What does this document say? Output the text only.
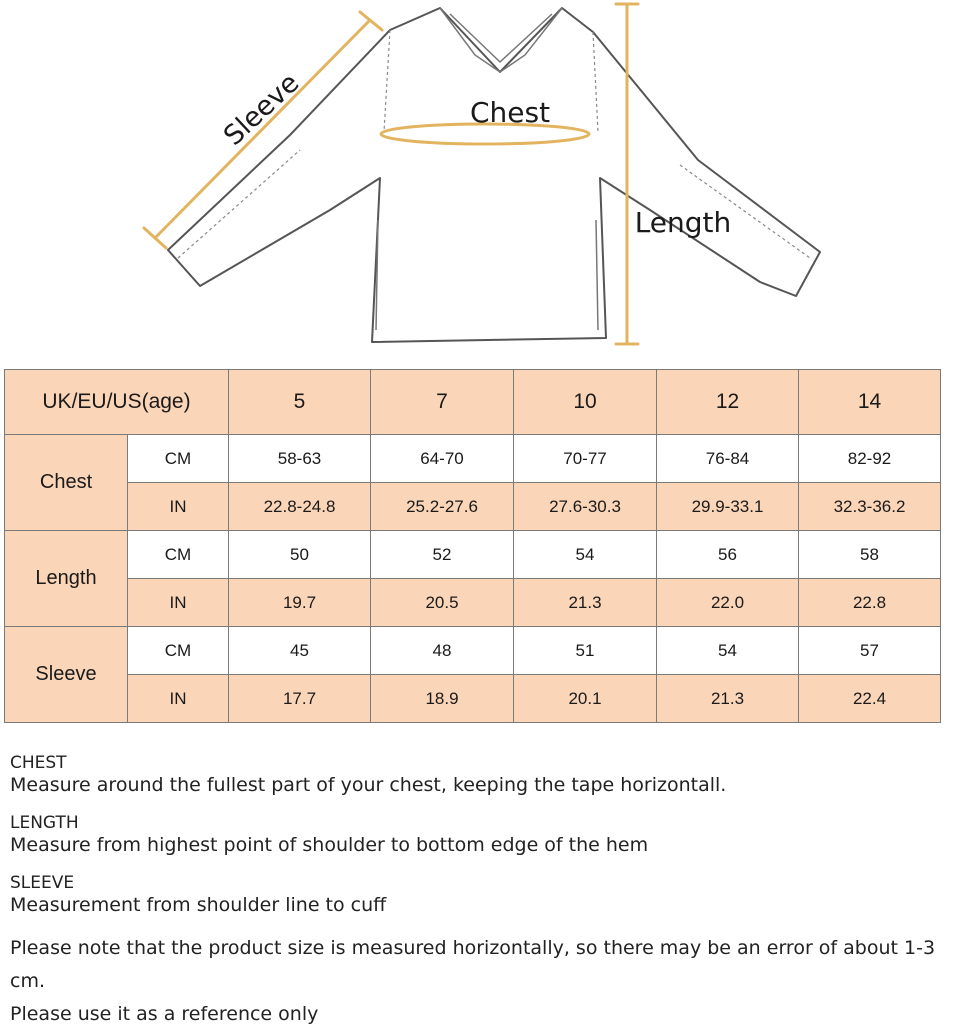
Sleeve	Chest
Length
UK/EU/US(age)		5	7	10	12	14
Chest	CM	58-63	64-70	70-77	76-84	82-92
	IN	22.8-24.8	25.2-27.6	27.6-30.3	29.9-33.1	32.3-36.2
Length	CM	50	52	54	56	58
	IN	19.7	20.5	21.3	22.0	22.8
Sleeve	CM	45	48	51	54	57
	IN	17.7	18.9	20.1	21.3	22.4
CHEST
Measure around the fullest part of your chest, keeping the tape horizontall.
LENGTH
Measure from highest point of shoulder to bottom edge of the hem
SLEEVE
Measurement from shoulder line to cuff
Please note that the product size is measured horizontally, so there may be an error of about 1-3 cm.
Please use it as a reference only
